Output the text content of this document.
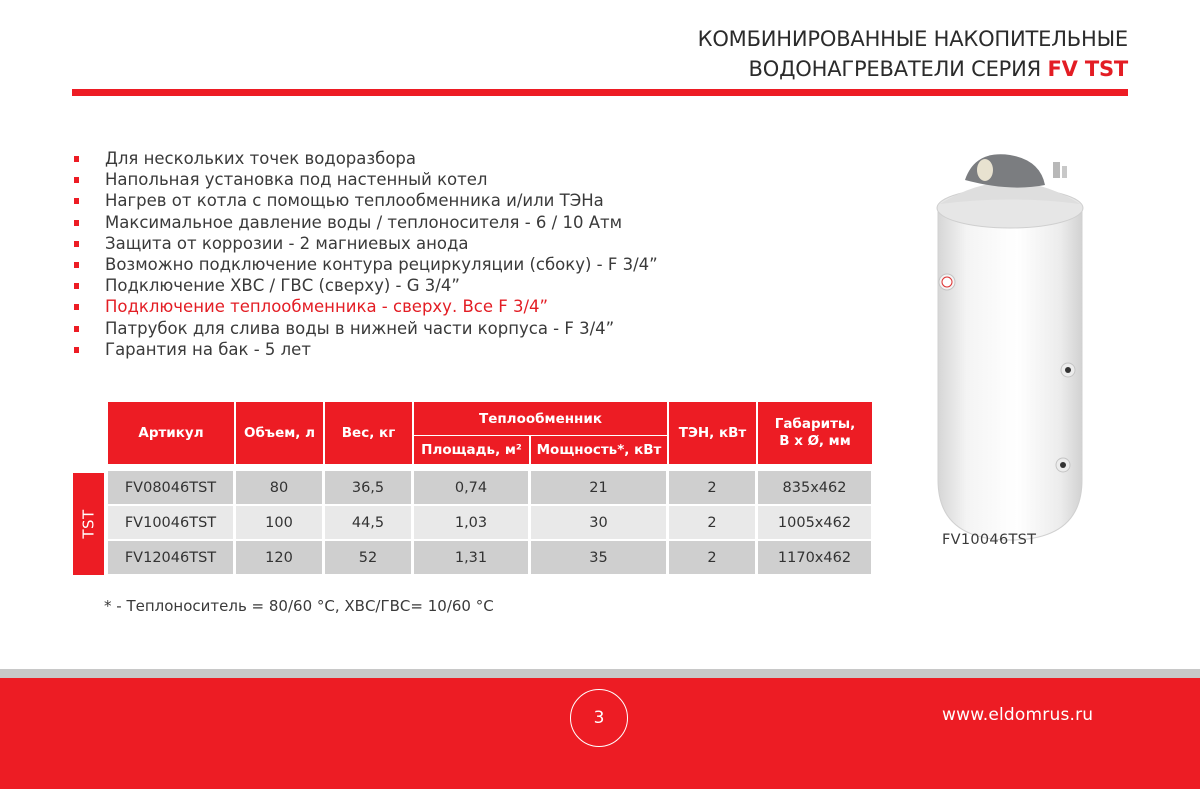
КОМБИНИРОВАННЫЕ НАКОПИТЕЛЬНЫЕ
ВОДОНАГРЕВАТЕЛИ СЕРИЯ FV TST
Для нескольких точек водоразбора
Напольная установка под настенный котел
Нагрев от котла с помощью теплообменника и/или ТЭНа
Максимальное давление воды / теплоносителя - 6 / 10 Атм
Защита от коррозии - 2 магниевых анода
Возможно подключение контура рециркуляции (сбоку) - F 3/4”
Подключение ХВС / ГВС (сверху) - G 3/4”
Подключение теплообменника - сверху. Все F 3/4”
Патрубок для слива воды в нижней части корпуса - F 3/4”
Гарантия на бак - 5 лет
TST
Артикул	Объем, л	Вес, кг	Теплообменник		ТЭН, кВт	Габариты,
В х Ø, мм

			Площадь, м²	Мощность*, кВт		

FV08046TST	80	36,5	0,74	21	2	835x462
FV10046TST	100	44,5	1,03	30	2	1005x462
FV12046TST	120	52	1,31	35	2	1170x462
* - Теплоноситель = 80/60 °С, ХВС/ГВС= 10/60 °С
FV10046TST
3	www.eldomrus.ru
